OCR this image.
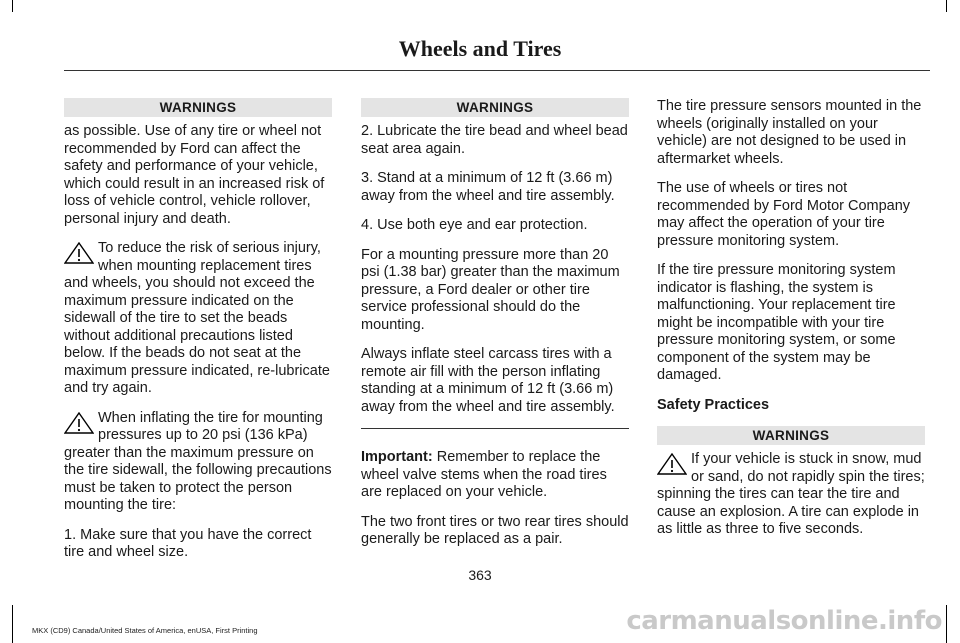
Wheels and Tires
WARNINGS

as possible. Use of any tire or wheel not recommended by Ford can affect the safety and performance of your vehicle, which could result in an increased risk of loss of vehicle control, vehicle rollover, personal injury and death.

To reduce the risk of serious injury, when mounting replacement tires and wheels, you should not exceed the maximum pressure indicated on the sidewall of the tire to set the beads without additional precautions listed below. If the beads do not seat at the maximum pressure indicated, re-lubricate and try again.
When inflating the tire for mounting pressures up to 20 psi (136 kPa) greater than the maximum pressure on the tire sidewall, the following precautions must be taken to protect the person mounting the tire:

1. Make sure that you have the correct tire and wheel size.

WARNINGS

2. Lubricate the tire bead and wheel bead seat area again.

3. Stand at a minimum of 12 ft (3.66 m) away from the wheel and tire assembly.

4. Use both eye and ear protection.

For a mounting pressure more than 20 psi (1.38 bar) greater than the maximum pressure, a Ford dealer or other tire service professional should do the mounting.

Always inflate steel carcass tires with a remote air fill with the person inflating standing at a minimum of 12 ft (3.66 m) away from the wheel and tire assembly.

Important: Remember to replace the wheel valve stems when the road tires are replaced on your vehicle.

The two front tires or two rear tires should generally be replaced as a pair.

The tire pressure sensors mounted in the wheels (originally installed on your vehicle) are not designed to be used in aftermarket wheels.

The use of wheels or tires not recommended by Ford Motor Company may affect the operation of your tire pressure monitoring system.

If the tire pressure monitoring system indicator is flashing, the system is malfunctioning. Your replacement tire might be incompatible with your tire pressure monitoring system, or some component of the system may be damaged.

Safety Practices

WARNINGS
If your vehicle is stuck in snow, mud or sand, do not rapidly spin the tires; spinning the tires can tear the tire and cause an explosion. A tire can explode in as little as three to five seconds.
363
MKX (CD9) Canada/United States of America, enUSA, First Printing	carmanualsonline.info
